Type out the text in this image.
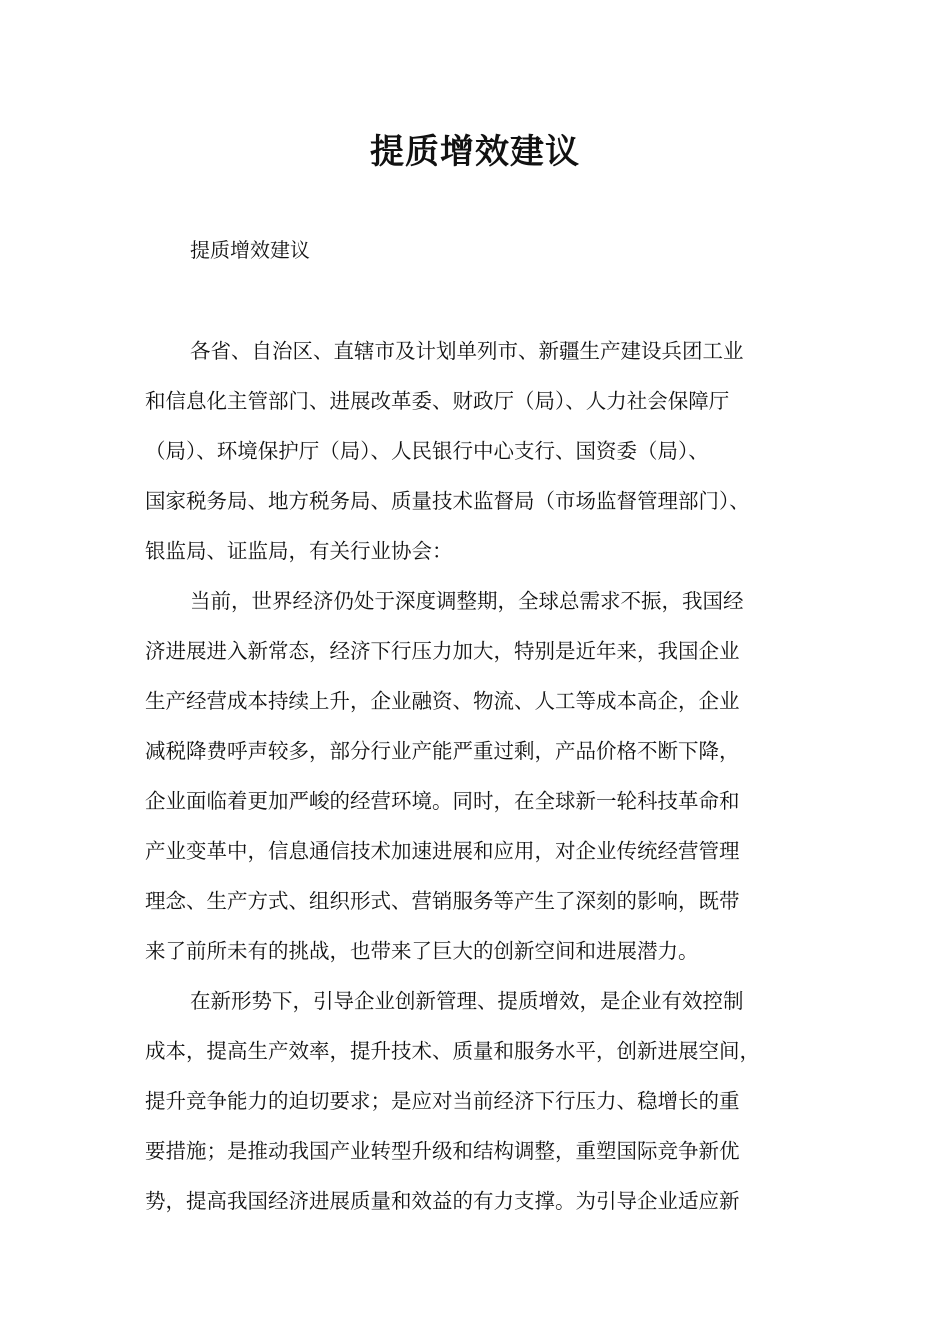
提质增效建议
提质增效建议
各省、自治区、直辖市及计划单列市、新疆生产建设兵团工业
和信息化主管部门、进展改革委、财政厅（局）、人力社会保障厅
（局）、环境保护厅（局）、人民银行中心支行、国资委（局）、
国家税务局、地方税务局、质量技术监督局（市场监督管理部门）、
银监局、证监局，有关行业协会：
当前，世界经济仍处于深度调整期，全球总需求不振，我国经
济进展进入新常态，经济下行压力加大，特别是近年来，我国企业
生产经营成本持续上升，企业融资、物流、人工等成本高企，企业
减税降费呼声较多，部分行业产能严重过剩，产品价格不断下降，
企业面临着更加严峻的经营环境。同时，在全球新一轮科技革命和
产业变革中，信息通信技术加速进展和应用，对企业传统经营管理
理念、生产方式、组织形式、营销服务等产生了深刻的影响，既带
来了前所未有的挑战，也带来了巨大的创新空间和进展潜力。
在新形势下，引导企业创新管理、提质增效，是企业有效控制
成本，提高生产效率，提升技术、质量和服务水平，创新进展空间，
提升竞争能力的迫切要求；是应对当前经济下行压力、稳增长的重
要措施；是推动我国产业转型升级和结构调整，重塑国际竞争新优
势，提高我国经济进展质量和效益的有力支撑。为引导企业适应新
